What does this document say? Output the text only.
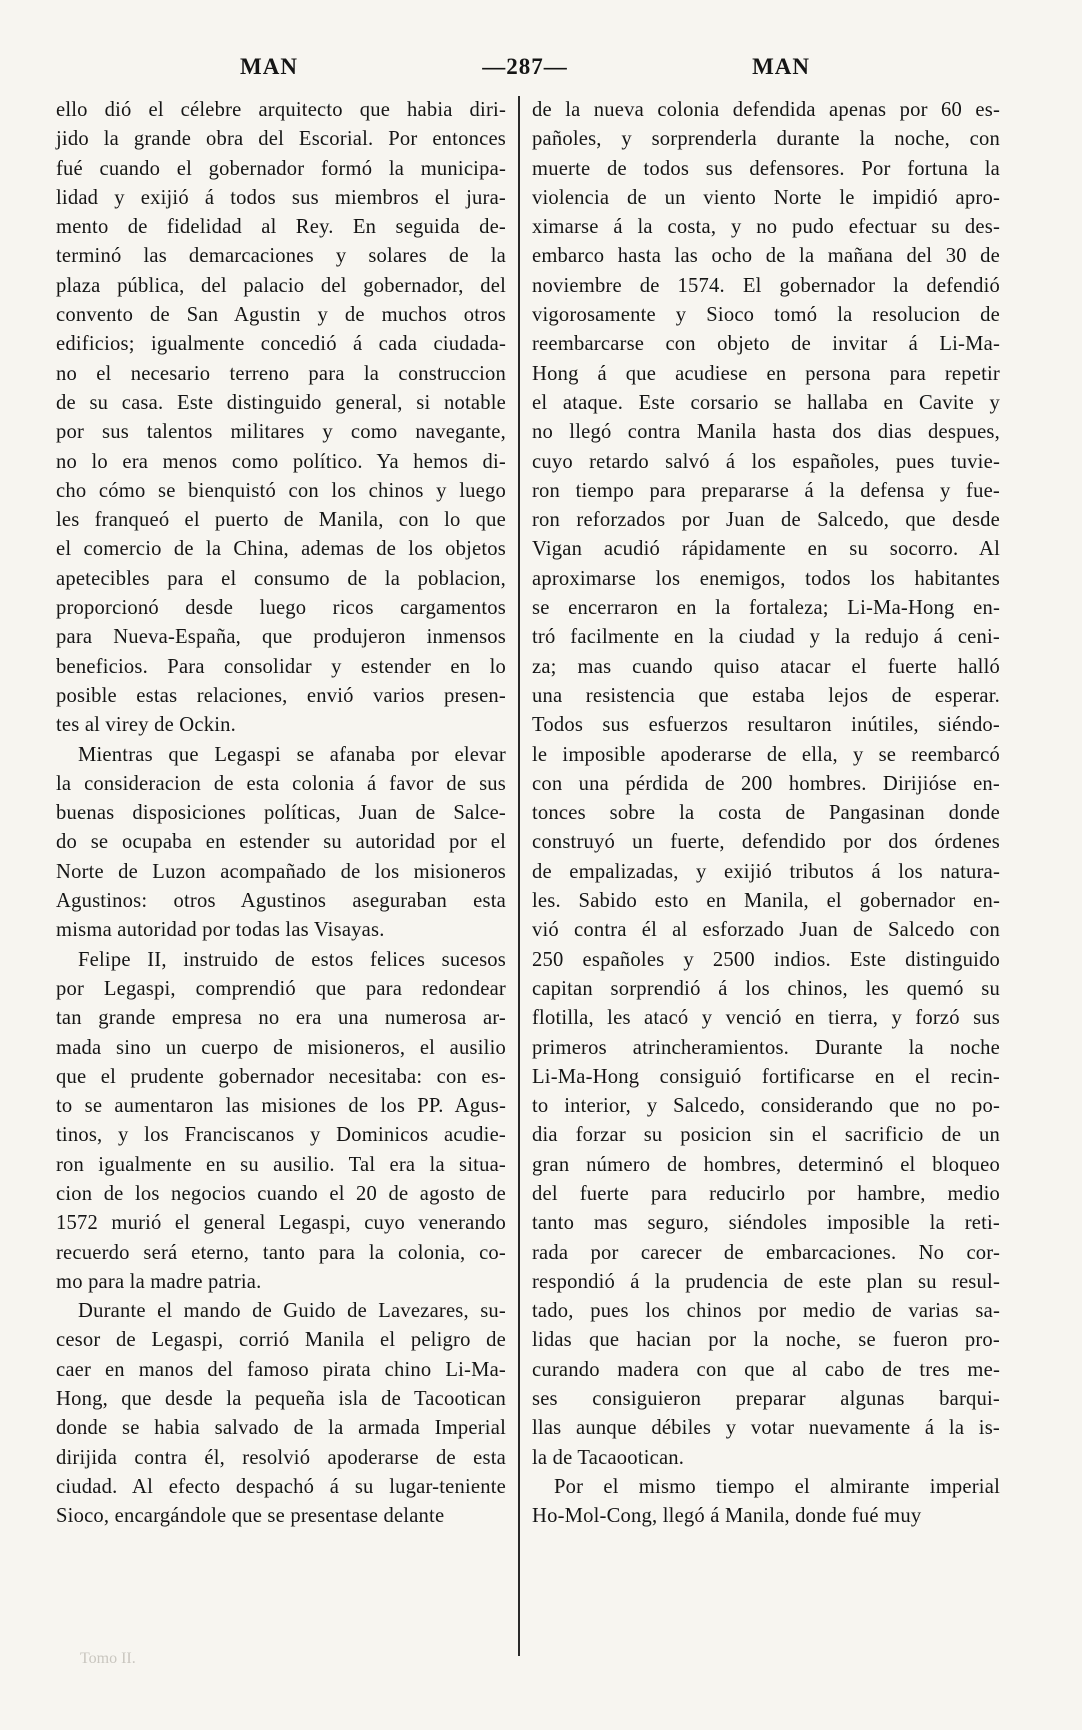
MAN	—287—	MAN
ello dió el célebre arquitecto que habia diri-
jido la grande obra del Escorial. Por entonces
fué cuando el gobernador formó la municipa-
lidad y exijió á todos sus miembros el jura-
mento de fidelidad al Rey. En seguida de-
terminó las demarcaciones y solares de la
plaza pública, del palacio del gobernador, del
convento de San Agustin y de muchos otros
edificios; igualmente concedió á cada ciudada-
no el necesario terreno para la construccion
de su casa. Este distinguido general, si notable
por sus talentos militares y como navegante,
no lo era menos como político. Ya hemos di-
cho cómo se bienquistó con los chinos y luego
les franqueó el puerto de Manila, con lo que
el comercio de la China, ademas de los objetos
apetecibles para el consumo de la poblacion,
proporcionó desde luego ricos cargamentos
para Nueva-España, que produjeron inmensos
beneficios. Para consolidar y estender en lo
posible estas relaciones, envió varios presen-
tes al virey de Ockin.
Mientras que Legaspi se afanaba por elevar
la consideracion de esta colonia á favor de sus
buenas disposiciones políticas, Juan de Salce-
do se ocupaba en estender su autoridad por el
Norte de Luzon acompañado de los misioneros
Agustinos: otros Agustinos aseguraban esta
misma autoridad por todas las Visayas.
Felipe II, instruido de estos felices sucesos
por Legaspi, comprendió que para redondear
tan grande empresa no era una numerosa ar-
mada sino un cuerpo de misioneros, el ausilio
que el prudente gobernador necesitaba: con es-
to se aumentaron las misiones de los PP. Agus-
tinos, y los Franciscanos y Dominicos acudie-
ron igualmente en su ausilio. Tal era la situa-
cion de los negocios cuando el 20 de agosto de
1572 murió el general Legaspi, cuyo venerando
recuerdo será eterno, tanto para la colonia, co-
mo para la madre patria.
Durante el mando de Guido de Lavezares, su-
cesor de Legaspi, corrió Manila el peligro de
caer en manos del famoso pirata chino Li-Ma-
Hong, que desde la pequeña isla de Tacootican
donde se habia salvado de la armada Imperial
dirijida contra él, resolvió apoderarse de esta
ciudad. Al efecto despachó á su lugar-teniente
Sioco, encargándole que se presentase delante
de la nueva colonia defendida apenas por 60 es-
pañoles, y sorprenderla durante la noche, con
muerte de todos sus defensores. Por fortuna la
violencia de un viento Norte le impidió apro-
ximarse á la costa, y no pudo efectuar su des-
embarco hasta las ocho de la mañana del 30 de
noviembre de 1574. El gobernador la defendió
vigorosamente y Sioco tomó la resolucion de
reembarcarse con objeto de invitar á Li-Ma-
Hong á que acudiese en persona para repetir
el ataque. Este corsario se hallaba en Cavite y
no llegó contra Manila hasta dos dias despues,
cuyo retardo salvó á los españoles, pues tuvie-
ron tiempo para prepararse á la defensa y fue-
ron reforzados por Juan de Salcedo, que desde
Vigan acudió rápidamente en su socorro. Al
aproximarse los enemigos, todos los habitantes
se encerraron en la fortaleza; Li-Ma-Hong en-
tró facilmente en la ciudad y la redujo á ceni-
za; mas cuando quiso atacar el fuerte halló
una resistencia que estaba lejos de esperar.
Todos sus esfuerzos resultaron inútiles, siéndo-
le imposible apoderarse de ella, y se reembarcó
con una pérdida de 200 hombres. Dirijióse en-
tonces sobre la costa de Pangasinan donde
construyó un fuerte, defendido por dos órdenes
de empalizadas, y exijió tributos á los natura-
les. Sabido esto en Manila, el gobernador en-
vió contra él al esforzado Juan de Salcedo con
250 españoles y 2500 indios. Este distinguido
capitan sorprendió á los chinos, les quemó su
flotilla, les atacó y venció en tierra, y forzó sus
primeros atrincheramientos. Durante la noche
Li-Ma-Hong consiguió fortificarse en el recin-
to interior, y Salcedo, considerando que no po-
dia forzar su posicion sin el sacrificio de un
gran número de hombres, determinó el bloqueo
del fuerte para reducirlo por hambre, medio
tanto mas seguro, siéndoles imposible la reti-
rada por carecer de embarcaciones. No cor-
respondió á la prudencia de este plan su resul-
tado, pues los chinos por medio de varias sa-
lidas que hacian por la noche, se fueron pro-
curando madera con que al cabo de tres me-
ses consiguieron preparar algunas barqui-
llas aunque débiles y votar nuevamente á la is-
la de Tacaootican.
Por el mismo tiempo el almirante imperial
Ho-Mol-Cong, llegó á Manila, donde fué muy
Tomo II.
